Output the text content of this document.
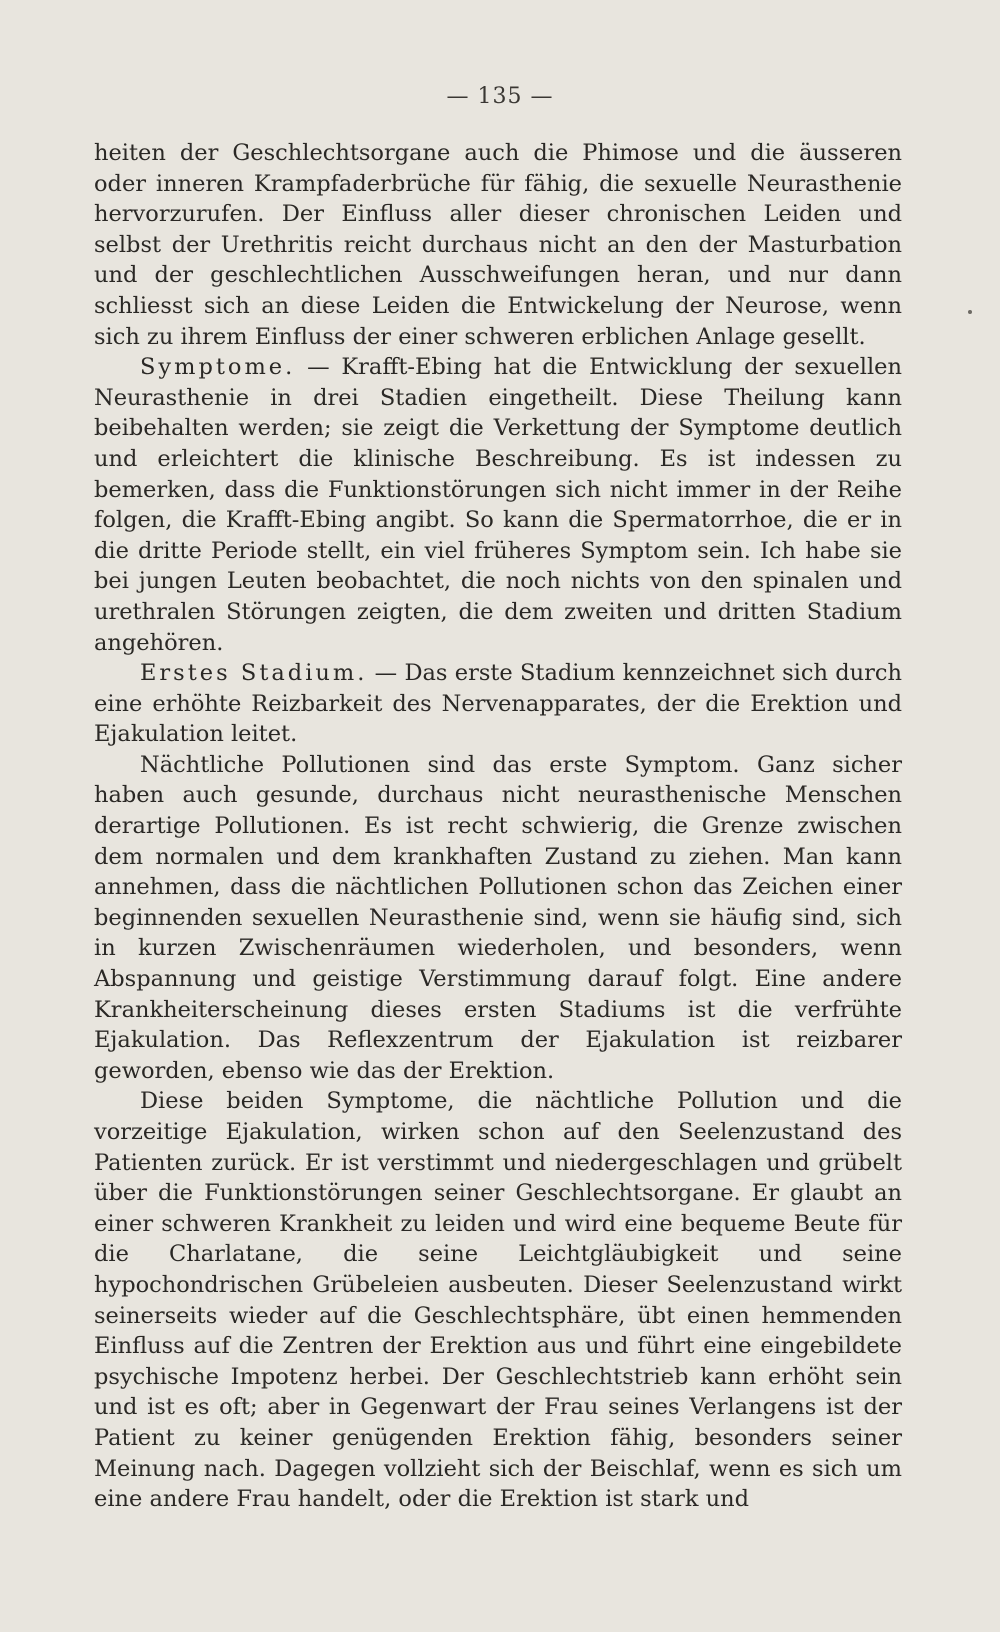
— 135 —

heiten der Geschlechtsorgane auch die Phimose und die äusseren oder inneren Krampfaderbrüche für fähig, die sexuelle Neurasthenie hervorzurufen. Der Einfluss aller dieser chronischen Leiden und selbst der Urethritis reicht durchaus nicht an den der Masturbation und der geschlechtlichen Ausschweifungen heran, und nur dann schliesst sich an diese Leiden die Entwickelung der Neurose, wenn sich zu ihrem Einfluss der einer schweren erblichen Anlage gesellt.

Symptome. — Krafft-Ebing hat die Entwicklung der sexuellen Neurasthenie in drei Stadien eingetheilt. Diese Theilung kann beibehalten werden; sie zeigt die Verkettung der Symptome deutlich und erleichtert die klinische Beschreibung. Es ist indessen zu bemerken, dass die Funktionstörungen sich nicht immer in der Reihe folgen, die Krafft-Ebing angibt. So kann die Spermatorrhoe, die er in die dritte Periode stellt, ein viel früheres Symptom sein. Ich habe sie bei jungen Leuten beobachtet, die noch nichts von den spinalen und urethralen Störungen zeigten, die dem zweiten und dritten Stadium angehören.

Erstes Stadium. — Das erste Stadium kennzeichnet sich durch eine erhöhte Reizbarkeit des Nervenapparates, der die Erektion und Ejakulation leitet.

Nächtliche Pollutionen sind das erste Symptom. Ganz sicher haben auch gesunde, durchaus nicht neurasthenische Menschen derartige Pollutionen. Es ist recht schwierig, die Grenze zwischen dem normalen und dem krankhaften Zustand zu ziehen. Man kann annehmen, dass die nächtlichen Pollutionen schon das Zeichen einer beginnenden sexuellen Neurasthenie sind, wenn sie häufig sind, sich in kurzen Zwischenräumen wiederholen, und besonders, wenn Abspannung und geistige Verstimmung darauf folgt. Eine andere Krankheiterscheinung dieses ersten Stadiums ist die verfrühte Ejakulation. Das Reflexzentrum der Ejakulation ist reizbarer geworden, ebenso wie das der Erektion.

Diese beiden Symptome, die nächtliche Pollution und die vorzeitige Ejakulation, wirken schon auf den Seelenzustand des Patienten zurück. Er ist verstimmt und niedergeschlagen und grübelt über die Funktionstörungen seiner Geschlechtsorgane. Er glaubt an einer schweren Krankheit zu leiden und wird eine bequeme Beute für die Charlatane, die seine Leichtgläubigkeit und seine hypochondrischen Grübeleien ausbeuten. Dieser Seelenzustand wirkt seinerseits wieder auf die Geschlechtsphäre, übt einen hemmenden Einfluss auf die Zentren der Erektion aus und führt eine eingebildete psychische Impotenz herbei. Der Geschlechtstrieb kann erhöht sein und ist es oft; aber in Gegenwart der Frau seines Verlangens ist der Patient zu keiner genügenden Erektion fähig, besonders seiner Meinung nach. Dagegen vollzieht sich der Beischlaf, wenn es sich um eine andere Frau handelt, oder die Erektion ist stark und
